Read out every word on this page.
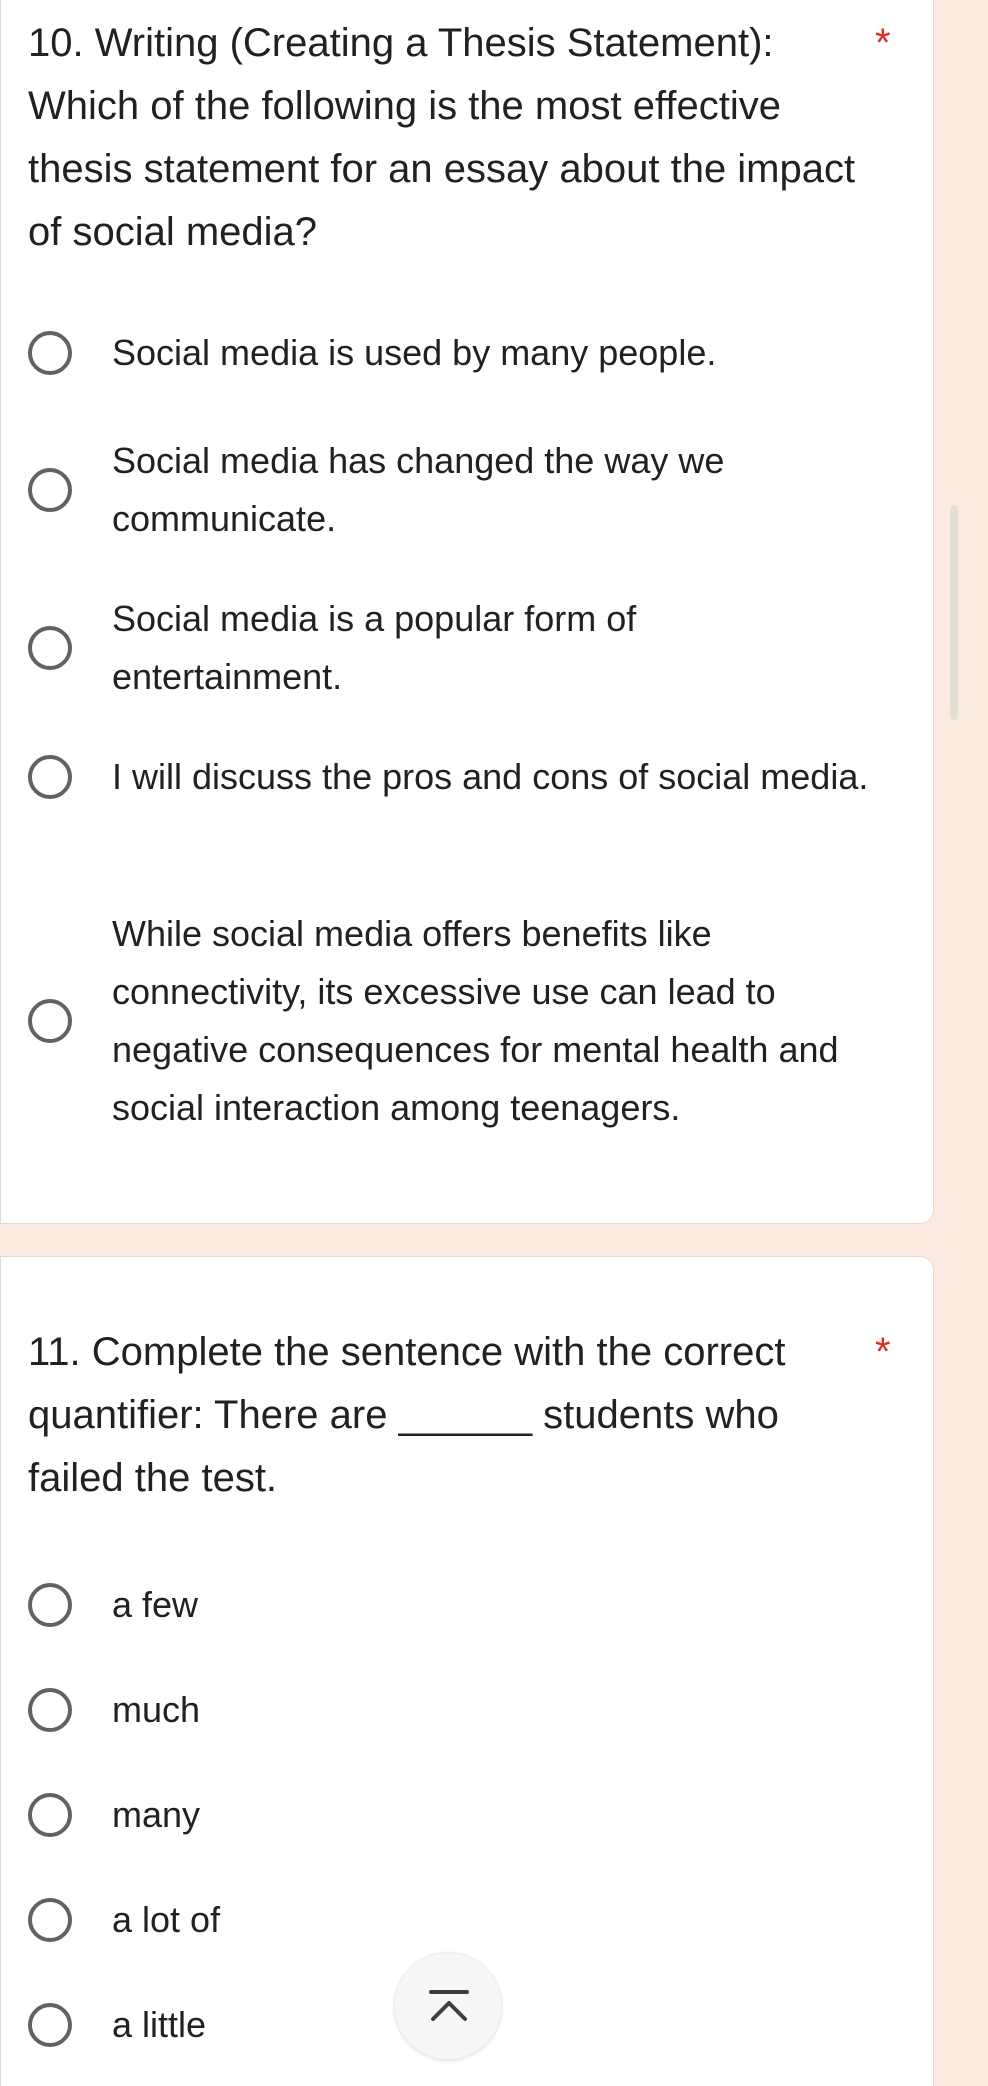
10. Writing (Creating a Thesis Statement): Which of the following is the most effective thesis statement for an essay about the impact of social media?
*
Social media is used by many people.
Social media has changed the way we communicate.
Social media is a popular form of entertainment.
I will discuss the pros and cons of social media.
While social media offers benefits like connectivity, its excessive use can lead to negative consequences for mental health and social interaction among teenagers.
11. Complete the sentence with the correct quantifier: There are ______ students who failed the test.
*
a few
much
many
a lot of
a little
